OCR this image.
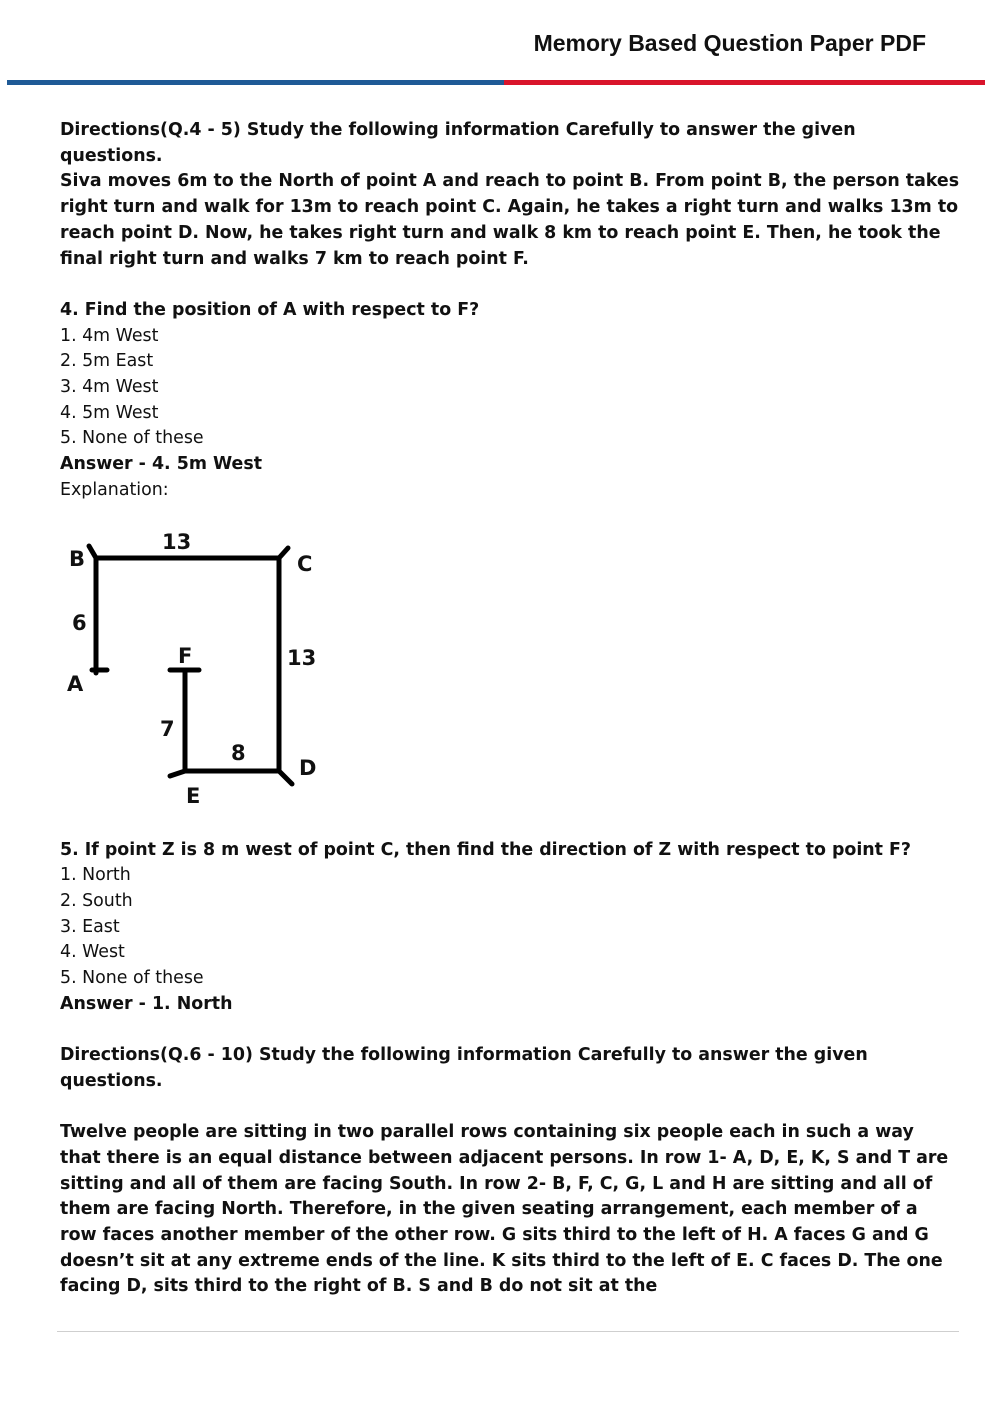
Memory Based Question Paper PDF

Directions(Q.4 - 5) Study the following information Carefully to answer the given questions.

Siva moves 6m to the North of point A and reach to point B. From point B, the person takes right turn and walk for 13m to reach point C. Again, he takes a right turn and walks 13m to reach point D. Now, he takes right turn and walk 8 km to reach point E. Then, he took the final right turn and walks 7 km to reach point F.

4. Find the position of A with respect to F?

1. 4m West

2. 5m East

3. 4m West

4. 5m West

5. None of these

Answer - 4. 5m West

Explanation:

B
13
C
6
F	13
A
7
8
D
E

5. If point Z is 8 m west of point C, then find the direction of Z with respect to point F?

1. North

2. South

3. East

4. West

5. None of these

Answer - 1. North

Directions(Q.6 - 10) Study the following information Carefully to answer the given questions.

Twelve people are sitting in two parallel rows containing six people each in such a way that there is an equal distance between adjacent persons. In row 1- A, D, E, K, S and T are sitting and all of them are facing South. In row 2- B, F, C, G, L and H are sitting and all of them are facing North. Therefore, in the given seating arrangement, each member of a row faces another member of the other row. G sits third to the left of H. A faces G and G doesn’t sit at any extreme ends of the line. K sits third to the left of E. C faces D. The one facing D, sits third to the right of B. S and B do not sit at the
